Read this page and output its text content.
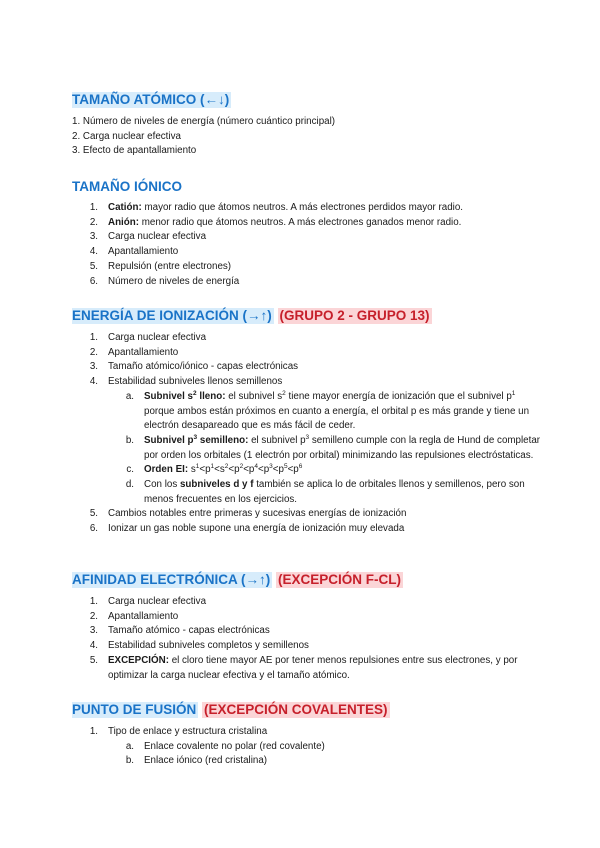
TAMAÑO ATÓMICO (←↓)
1. Número de niveles de energía (número cuántico principal)
2. Carga nuclear efectiva
3. Efecto de apantallamiento
TAMAÑO IÓNICO
1. Catión: mayor radio que átomos neutros. A más electrones perdidos mayor radio.
2. Anión: menor radio que átomos neutros. A más electrones ganados menor radio.
3. Carga nuclear efectiva
4. Apantallamiento
5. Repulsión (entre electrones)
6. Número de niveles de energía
ENERGÍA DE IONIZACIÓN (→↑) (GRUPO 2 - GRUPO 13)
1. Carga nuclear efectiva
2. Apantallamiento
3. Tamaño atómico/iónico - capas electrónicas
4. Estabilidad subniveles llenos semillenos
a. Subnivel $s^2$ lleno: el subnivel $s^2$ tiene mayor energía de ionización que el subnivel $p^1$ porque ambos están próximos en cuanto a energía, el orbital p es más grande y tiene un electrón desapareado que es más fácil de ceder.
b. Subnivel $p^3$ semilleno: el subnivel $p^3$ semilleno cumple con la regla de Hund de completar por orden los orbitales (1 electrón por orbital) minimizando las repulsiones electróstaticas.
c. Orden EI: $s^1<p^1<s^2<p^2<p^4<p^3<p^5<p^6$
d. Con los subniveles d y f también se aplica lo de orbitales llenos y semillenos, pero son menos frecuentes en los ejercicios.
5. Cambios notables entre primeras y sucesivas energías de ionización
6. Ionizar un gas noble supone una energía de ionización muy elevada
AFINIDAD ELECTRÓNICA (→↑) (EXCEPCIÓN F-CL)
1. Carga nuclear efectiva
2. Apantallamiento
3. Tamaño atómico - capas electrónicas
4. Estabilidad subniveles completos y semillenos
5. EXCEPCIÓN: el cloro tiene mayor AE por tener menos repulsiones entre sus electrones, y por optimizar la carga nuclear efectiva y el tamaño atómico.
PUNTO DE FUSIÓN (EXCEPCIÓN COVALENTES)
1. Tipo de enlace y estructura cristalina
a. Enlace covalente no polar (red covalente)
b. Enlace iónico (red cristalina)
